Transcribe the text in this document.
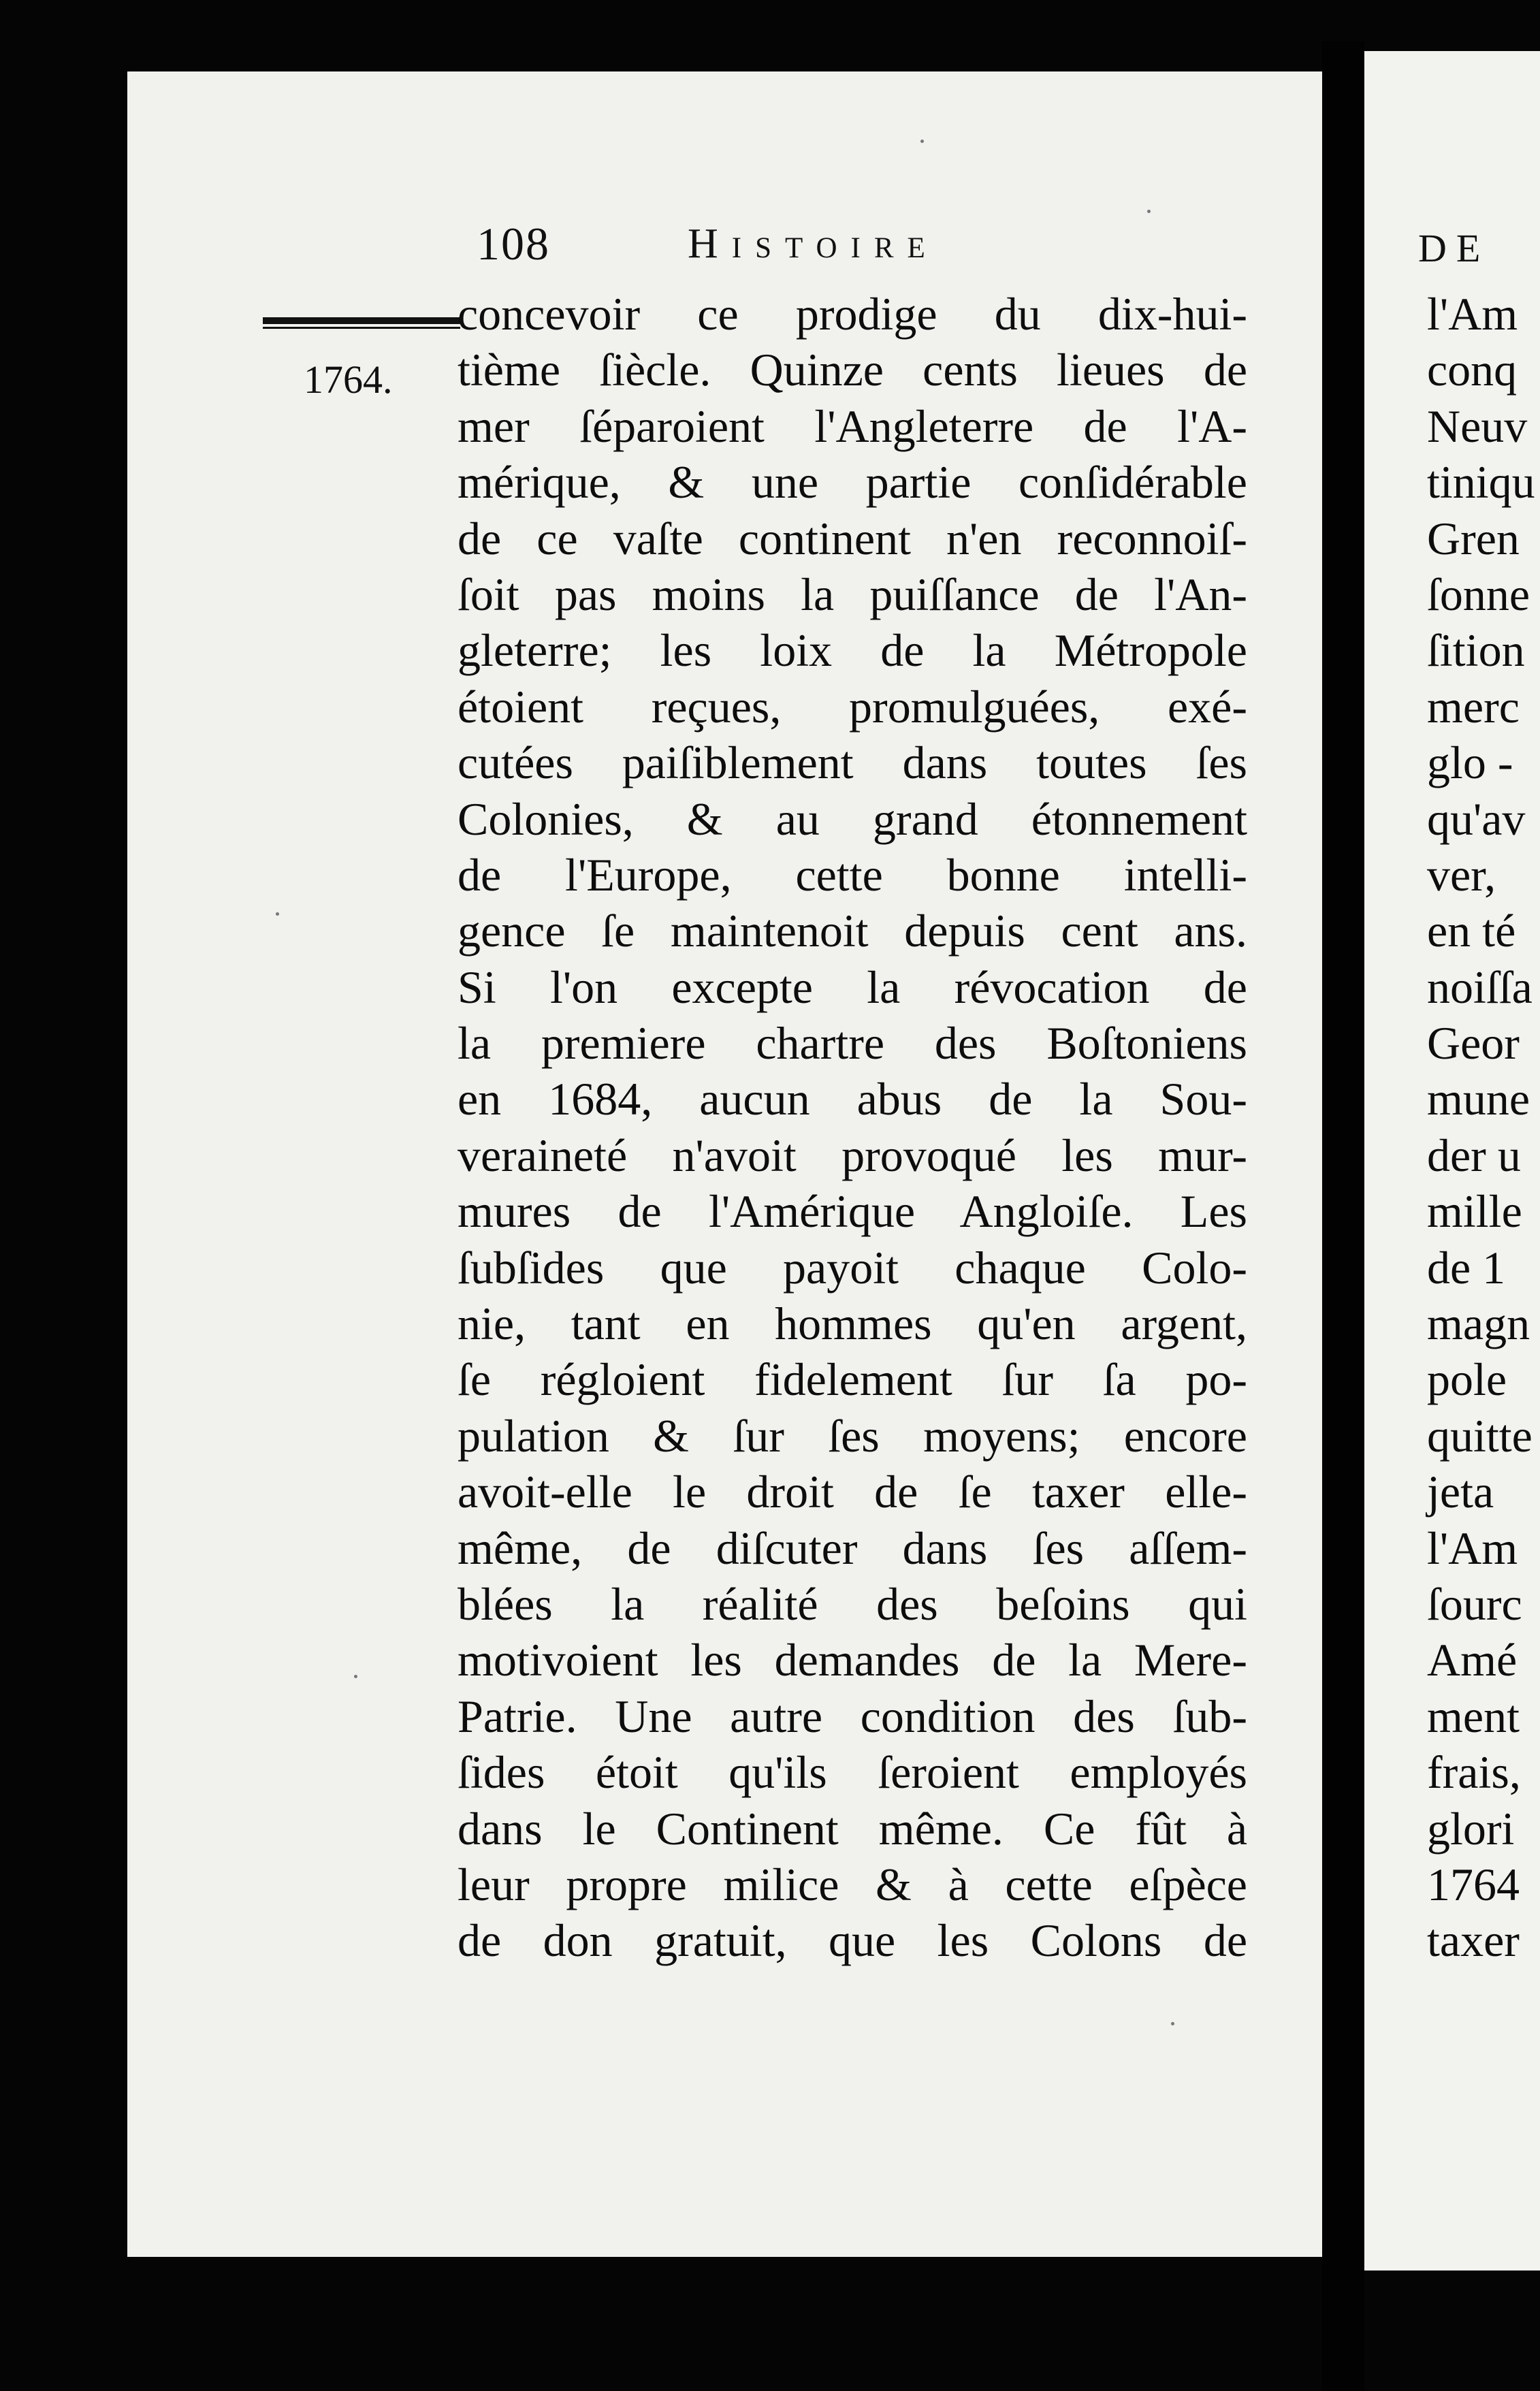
108	Histoire
1764.
concevoir ce prodige du dix-hui-
tième ſiècle. Quinze cents lieues de
mer ſéparoient l'Angleterre de l'A-
mérique, & une partie conſidérable
de ce vaſte continent n'en reconnoiſ-
ſoit pas moins la puiſſance de l'An-
gleterre; les loix de la Métropole
étoient reçues, promulguées, exé-
cutées paiſiblement dans toutes ſes
Colonies, & au grand étonnement
de l'Europe, cette bonne intelli-
gence ſe maintenoit depuis cent ans.
Si l'on excepte la révocation de
la premiere chartre des Boſtoniens
en 1684, aucun abus de la Sou-
veraineté n'avoit provoqué les mur-
mures de l'Amérique Angloiſe. Les
ſubſides que payoit chaque Colo-
nie, tant en hommes qu'en argent,
ſe régloient fidelement ſur ſa po-
pulation & ſur ſes moyens; encore
avoit-elle le droit de ſe taxer elle-
même, de diſcuter dans ſes aſſem-
blées la réalité des beſoins qui
motivoient les demandes de la Mere-
Patrie. Une autre condition des ſub-
ſides étoit qu'ils ſeroient employés
dans le Continent même. Ce fût à
leur propre milice & à cette eſpèce
de don gratuit, que les Colons de
DE
l'Am
conq
Neuv
tiniqu
Gren
ſonne
ſition
merc
glo -
qu'av
ver,
en té
noiſſa
Geor
mune
der u
mille
de 1
magn
pole
quitte
jeta
l'Am
ſourc
Amé
ment
frais,
glori
1764
taxer
